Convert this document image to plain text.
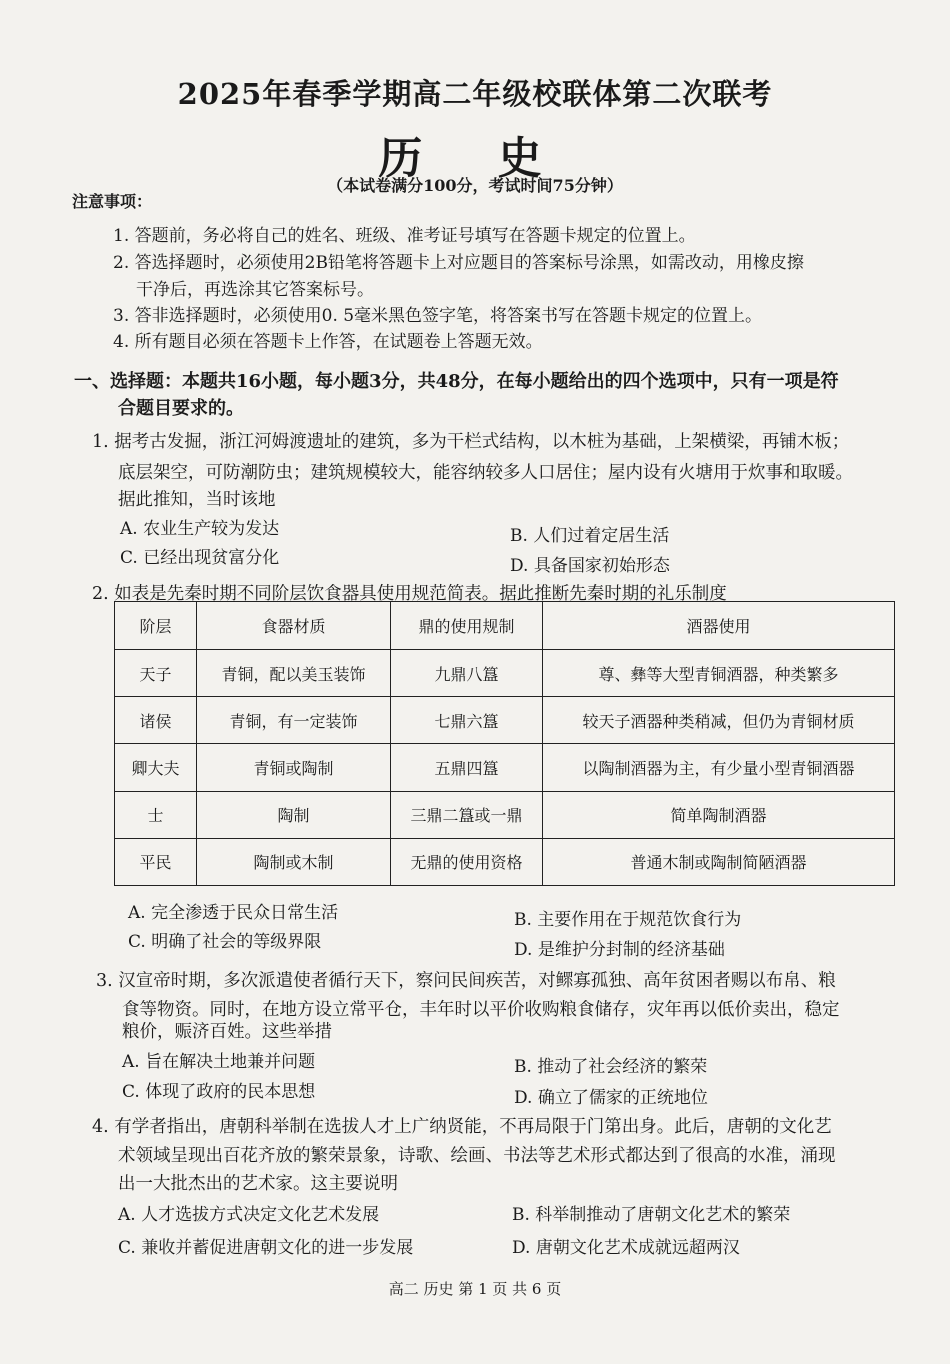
2025年春季学期高二年级校联体第二次联考
历 史
（本试卷满分100分，考试时间75分钟）
注意事项：
1. 答题前，务必将自己的姓名、班级、准考证号填写在答题卡规定的位置上。
2. 答选择题时，必须使用2B铅笔将答题卡上对应题目的答案标号涂黑，如需改动，用橡皮擦
干净后，再选涂其它答案标号。
3. 答非选择题时，必须使用0. 5毫米黑色签字笔，将答案书写在答题卡规定的位置上。
4. 所有题目必须在答题卡上作答，在试题卷上答题无效。
一、选择题：本题共16小题，每小题3分，共48分，在每小题给出的四个选项中，只有一项是符
合题目要求的。
1. 据考古发掘，浙江河姆渡遗址的建筑，多为干栏式结构，以木桩为基础，上架横梁，再铺木板；
底层架空，可防潮防虫；建筑规模较大，能容纳较多人口居住；屋内设有火塘用于炊事和取暖。
据此推知，当时该地
A. 农业生产较为发达	B. 人们过着定居生活
C. 已经出现贫富分化	D. 具备国家初始形态
2. 如表是先秦时期不同阶层饮食器具使用规范简表。据此推断先秦时期的礼乐制度
阶层	食器材质	鼎的使用规制	酒器使用
天子	青铜，配以美玉装饰	九鼎八簋	尊、彝等大型青铜酒器，种类繁多
诸侯	青铜，有一定装饰	七鼎六簋	较天子酒器种类稍减，但仍为青铜材质
卿大夫	青铜或陶制	五鼎四簋	以陶制酒器为主，有少量小型青铜酒器
士	陶制	三鼎二簋或一鼎	简单陶制酒器
平民	陶制或木制	无鼎的使用资格	普通木制或陶制简陋酒器
A. 完全渗透于民众日常生活	B. 主要作用在于规范饮食行为
C. 明确了社会的等级界限	D. 是维护分封制的经济基础
3. 汉宣帝时期，多次派遣使者循行天下，察问民间疾苦，对鳏寡孤独、高年贫困者赐以布帛、粮
食等物资。同时，在地方设立常平仓，丰年时以平价收购粮食储存，灾年再以低价卖出，稳定
粮价，赈济百姓。这些举措
A. 旨在解决土地兼并问题	B. 推动了社会经济的繁荣
C. 体现了政府的民本思想	D. 确立了儒家的正统地位
4. 有学者指出，唐朝科举制在选拔人才上广纳贤能，不再局限于门第出身。此后，唐朝的文化艺
术领域呈现出百花齐放的繁荣景象，诗歌、绘画、书法等艺术形式都达到了很高的水准，涌现
出一大批杰出的艺术家。这主要说明
A. 人才选拔方式决定文化艺术发展	B. 科举制推动了唐朝文化艺术的繁荣
C. 兼收并蓄促进唐朝文化的进一步发展	D. 唐朝文化艺术成就远超两汉
高二 历史 第 1 页 共 6 页
